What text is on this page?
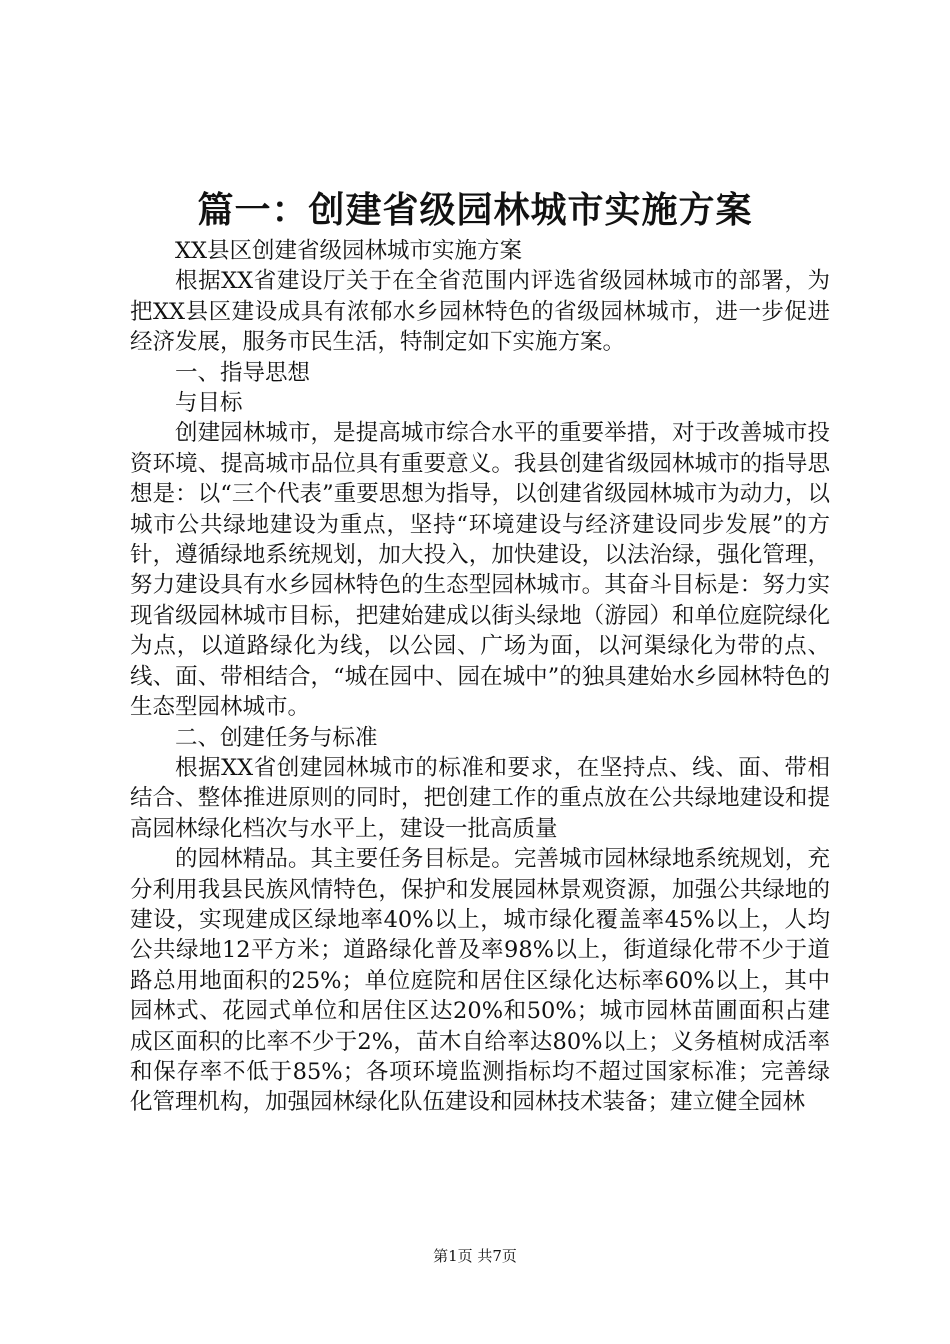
篇一：创建省级园林城市实施方案

XX县区创建省级园林城市实施方案

根据XX省建设厅关于在全省范围内评选省级园林城市的部署，为把XX县区建设成具有浓郁水乡园林特色的省级园林城市，进一步促进经济发展，服务市民生活，特制定如下实施方案。

一、指导思想

与目标

创建园林城市，是提高城市综合水平的重要举措，对于改善城市投资环境、提高城市品位具有重要意义。我县创建省级园林城市的指导思想是：以“三个代表”重要思想为指导，以创建省级园林城市为动力，以城市公共绿地建设为重点，坚持“环境建设与经济建设同步发展”的方针，遵循绿地系统规划，加大投入，加快建设，以法治绿，强化管理，努力建设具有水乡园林特色的生态型园林城市。其奋斗目标是：努力实现省级园林城市目标，把建始建成以街头绿地（游园）和单位庭院绿化为点，以道路绿化为线，以公园、广场为面，以河渠绿化为带的点、线、面、带相结合，“城在园中、园在城中”的独具建始水乡园林特色的生态型园林城市。

二、创建任务与标准

根据XX省创建园林城市的标准和要求，在坚持点、线、面、带相结合、整体推进原则的同时，把创建工作的重点放在公共绿地建设和提高园林绿化档次与水平上，建设一批高质量

的园林精品。其主要任务目标是。完善城市园林绿地系统规划，充分利用我县民族风情特色，保护和发展园林景观资源，加强公共绿地的建设，实现建成区绿地率40%以上，城市绿化覆盖率45%以上，人均公共绿地12平方米；道路绿化普及率98%以上，街道绿化带不少于道路总用地面积的25%；单位庭院和居住区绿化达标率60%以上，其中园林式、花园式单位和居住区达20%和50%；城市园林苗圃面积占建成区面积的比率不少于2%，苗木自给率达80%以上；义务植树成活率和保存率不低于85%；各项环境监测指标均不超过国家标准；完善绿化管理机构，加强园林绿化队伍建设和园林技术装备；建立健全园林

第1页 共7页
